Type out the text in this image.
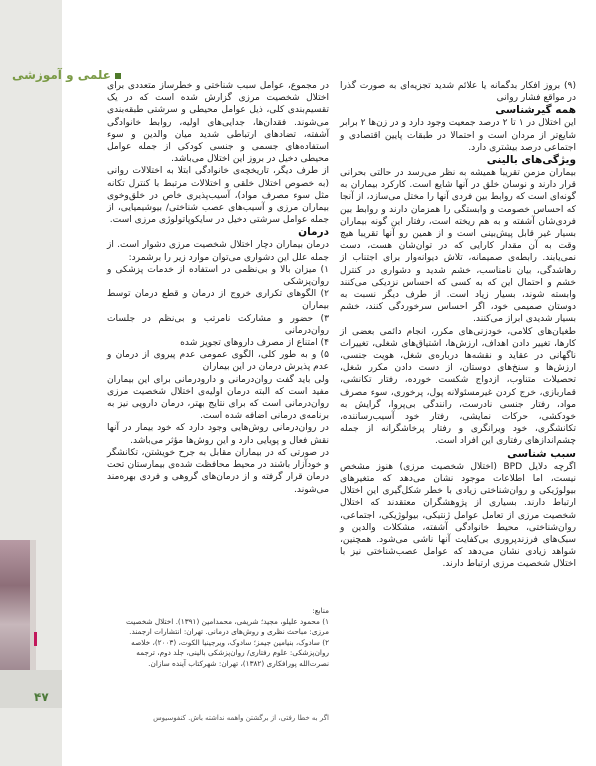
۴۷
علمی و آموزشی

(۹) بروز افکار بدگمانه یا علائم شدید تجزیه‌ای به صورت گذرا در مواقع فشار روانی

همه گیرشناسی

این اختلال در ۱ تا ۲ درصد جمعیت وجود دارد و در زن‌ها ۲ برابر شایع‌تر از مردان است و احتمالا در طبقات پایین اقتصادی و اجتماعی درصد بیشتری دارد.

ویژگی‌های بالینی

بیماران مزمن تقریبا همیشه به نظر می‌رسد در حالتی بحرانی قرار دارند و نوسان خلق در آنها شایع است. کارکرد بیماران به گونه‌ای است که روابط بین فردی آنها را مختل می‌سازد، از آنجا که احساس خصومت و وابستگی را همزمان دارند و روابط بین فردی‌شان آشفته و به هم ریخته است، رفتار این گونه بیماران بسیار غیر قابل پیش‌بینی است و از همین رو آنها تقریبا هیچ وقت به آن مقدار کارایی که در توان‌شان هست، دست نمی‌یابند. رابطه‌ی صمیمانه، تلاش دیوانه‌وار برای اجتناب از رهاشدگی، بیان نامناسب، خشم شدید و دشواری در کنترل خشم و احتمال این که به کسی که احساس نزدیکی می‌کنند وابسته شوند، بسیار زیاد است. از طرف دیگر نسبت به دوستان صمیمی خود، اگر احساس سرخوردگی کنند، خشم بسیار شدیدی ابراز می‌کنند.

طغیان‌های کلامی، خودزنی‌های مکرر، انجام دائمی بعضی از کارها، تغییر دادن اهداف، ارزش‌ها، اشتیاق‌های شغلی، تغییرات ناگهانی در عقاید و نقشه‌ها درباره‌ی شغل، هویت جنسی، ارزش‌ها و سنخ‌های دوستان، از دست دادن مکرر شغل، تحصیلات متناوب، ازدواج شکست خورده، رفتار تکانشی، قماربازی، خرج کردن غیرمسئولانه پول، پرخوری، سوء مصرف مواد، رفتار جنسی نادرست، رانندگی بی‌پروا، گرایش به خودکشی، حرکات نمایشی، رفتار خود آسیب‌رساننده، تکانشگری، خود ویرانگری و رفتار پرخاشگرانه از جمله چشم‌اندازهای رفتاری این افراد است.

سبب شناسی

اگرچه دلایل BPD (اختلال شخصیت مرزی) هنوز مشخص نیست، اما اطلاعات موجود نشان می‌دهد که متغیرهای بیولوژیکی و روان‌شناختی زیادی با خطر شکل‌گیری این اختلال ارتباط دارند. بسیاری از پژوهشگران معتقدند که اختلال شخصیت مرزی از تعامل عوامل ژنتیکی، بیولوژیکی، اجتماعی، روان‌شناختی، محیط خانوادگی آشفته، مشکلات والدین و سبک‌های فرزندپروری بی‌کفایت آنها ناشی می‌شود. همچنین، شواهد زیادی نشان می‌دهد که عوامل عصب‌شناختی نیز با اختلال شخصیت مرزی ارتباط دارند.

در مجموع، عوامل سبب شناختی و خطرساز متعددی برای اختلال شخصیت مرزی گزارش شده است که در یک تقسیم‌بندی کلی، ذیل عوامل محیطی و سرشتی طبقه‌بندی می‌شوند. فقدان‌ها، جدایی‌های اولیه، روابط خانوادگی آشفته، تضادهای ارتباطی شدید میان والدین و سوء استفاده‌های جسمی و جنسی کودکی از جمله عوامل محیطی دخیل در بروز این اختلال می‌باشد.

از طرف دیگر، تاریخچه‌ی خانوادگی ابتلا به اختلالات روانی (به خصوص اختلال خلقی و اختلالات مرتبط با کنترل تکانه مثل سوء مصرف مواد)، آسیب‌پذیری خاص در خلق‌وخوی بیماران مرزی و آسیب‌های عصب شناختی/ بیوشیمیایی، از جمله عوامل سرشتی دخیل در سایکوپاتولوژی مرزی است.

درمان

درمان بیماران دچار اختلال شخصیت مرزی دشوار است. از جمله علل این دشواری می‌توان موارد زیر را برشمرد:

۱) میزان بالا و بی‌نظمی در استفاده از خدمات پزشکی و روان‌پزشکی

۲) الگوهای تکراری خروج از درمان و قطع درمان توسط بیماران

۳) حضور و مشارکت نامرتب و بی‌نظم در جلسات روان‌درمانی

۴) امتناع از مصرف داروهای تجویز شده

۵) و به طور کلی، الگوی عمومی عدم پیروی از درمان و عدم پذیرش درمان در این بیماران

ولی باید گفت روان‌درمانی و دارودرمانی برای این بیماران مفید است که البته درمان اولیه‌ی اختلال شخصیت مرزی روان‌درمانی است که برای نتایج بهتر، درمان دارویی نیز به برنامه‌ی درمانی اضافه شده است.

در روان‌درمانی روش‌هایی وجود دارد که خود بیمار در آنها نقش فعال و پویایی دارد و این روش‌ها مؤثر می‌باشد.

در صورتی که در بیماران مقابل به جرح خویشتن، تکانشگر و خودآزار باشند در محیط محافظت شده‌ی بیمارستان تحت درمان قرار گرفته و از درمان‌های گروهی و فردی بهره‌مند می‌شوند.

منابع:

۱) محمود علیلو، مجید؛ شریفی، محمدامین (۱۳۹۱). اختلال شخصیت مرزی: مباحث نظری و روش‌های درمانی. تهران: انتشارات ارجمند.

۲) سادوک، بنیامین جیمز؛ سادوک، ویرجینیا الکوت، (۲۰۰۳)، خلاصه روان‌پزشکی: علوم رفتاری/ روان‌پزشکی بالینی، جلد دوم، ترجمه نصرت‌الله پورافکاری (۱۳۸۲)، تهران: شهرکتاب آینده سازان.

اگر به خطا رفتی، از برگشتن واهمه نداشته باش. کنفوسیوس
